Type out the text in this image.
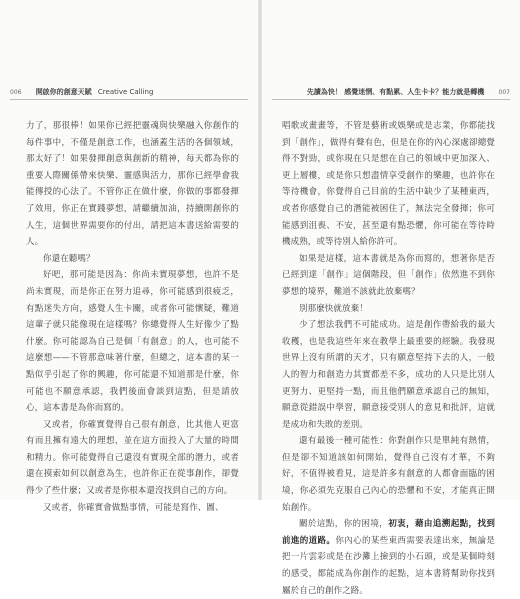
006 開啟你的創意天賦 Creative Calling

力了，那很棒！如果你已經把靈魂與快樂融入你創作的每件事中，不僅是創意工作，也涵蓋生活的各個領域，那太好了！如果發揮創意與創新的精神，每天都為你的重要人際關係帶來快樂、靈感與活力，那你已經學會我能傳授的心法了。不管你正在做什麼，你做的事都發揮了效用，你正在實踐夢想，請繼續加油，持續開創你的人生，這個世界需要你的付出，請把這本書送給需要的人。

你還在聽嗎？

好吧，那可能是因為：你尚未實現夢想，也許不是尚未實現，而是你正在努力追尋，你可能感到很疲乏，有點迷失方向，感覺人生卡關，或者你可能懷疑，難道這輩子就只能像現在這樣嗎？你總覺得人生好像少了點什麼。你可能認為自己是個「有創意」的人，也可能不這麼想——不管那意味著什麼，但總之，這本書的某一點似乎引起了你的興趣，你可能還不知道那是什麼，你可能也不願意承認，我們後面會談到這點，但是請放心，這本書是為你而寫的。

又或者，你確實覺得自己很有創意，比其他人更富有而且擁有遠大的理想，並在這方面投入了大量的時間和精力。你可能覺得自己還沒有實現全部的潛力，或者還在摸索如何以創意為生，也許你正在從事創作，卻覺得少了些什麼；又或者是你根本還沒找到自己的方向。

又或者，你確實會做點事情，可能是寫作、圖、

先讀為快！ 感覺迷惘、有點累、人生卡卡？能力就是轉機 007

唱歌或畫畫等，不管是藝術或娛樂或是志業，你都能找到「創作」，做得有聲有色，但是在你的內心深處卻總覺得不對勁，或你現在只是想在自己的領域中更加深入、更上層樓，或是你只想盡情享受創作的樂趣，也許你在等待機會，你覺得自己目前的生活中缺少了某種東西，或者你感覺自己的潛能被困住了，無法完全發揮；你可能感到沮喪、不安，甚至還有點恐懼，你可能在等待時機成熟，或等待別人給你許可。

如果是這樣，這本書就是為你而寫的，想著你是否已經到達「創作」這個階段，但「創作」依然進不到你夢想的境界，難道不該就此放棄嗎？

別那麼快就放棄！

少了想法我們不可能成功。這是創作帶給我的最大收穫，也是我這些年來在教學上最重要的經驗。我發現世界上沒有所謂的天才，只有願意堅持下去的人，一般人的智力和創造力其實都差不多，成功的人只是比別人更努力、更堅持一點，而且他們願意承認自己的無知，願意從錯誤中學習，願意接受別人的意見和批評，這就是成功和失敗的差別。

還有最後一種可能性：你對創作只是單純有熱情，但是卻不知道該如何開始，覺得自己沒有才華，不夠好，不值得被看見，這是許多有創意的人都會面臨的困境，你必須先克服自己內心的恐懼和不安，才能真正開始創作。

關於這點，你的困境，初衷，藉由追溯起點，找到前進的道路。你內心的某些東西需要表達出來，無論是把一片雲彩或是在沙灘上撿到的小石頭，或是某個時刻的感受，都能成為你創作的起點，這本書將幫助你找到屬於自己的創作之路。
